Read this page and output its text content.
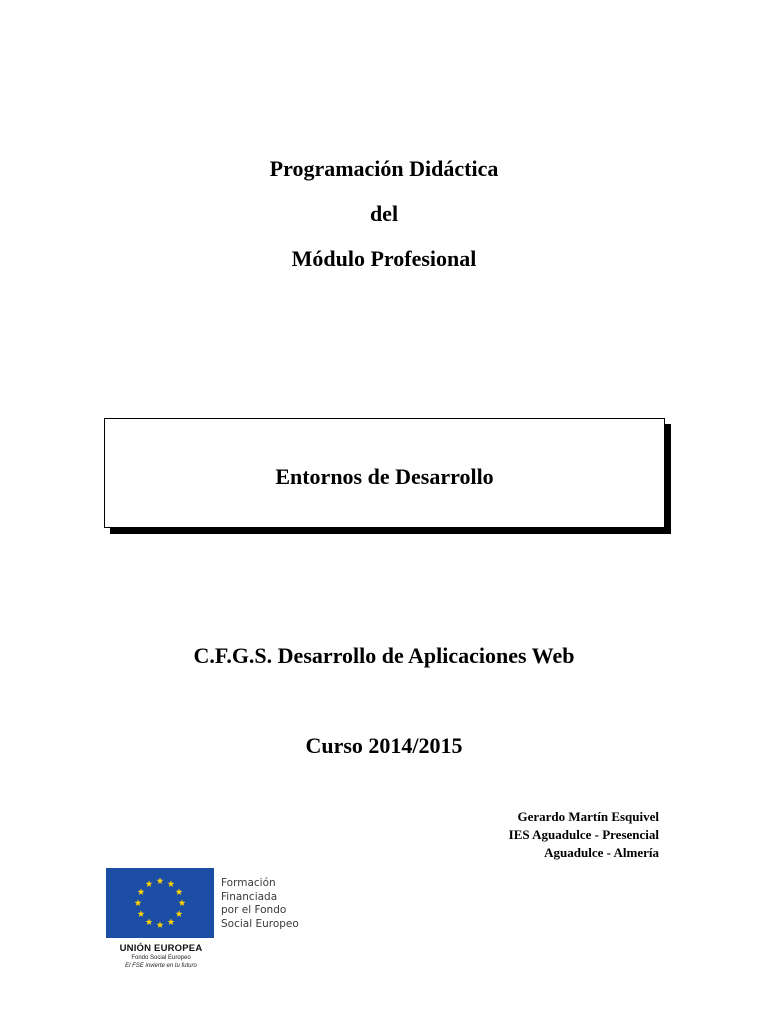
Programación Didáctica
del
Módulo Profesional
Entornos de Desarrollo
C.F.G.S. Desarrollo de Aplicaciones Web
Curso 2014/2015
Gerardo Martín Esquivel
IES Aguadulce - Presencial
Aguadulce - Almería
UNIÓN EUROPEA
Fondo Social Europeo
El FSE invierte en tu futuro
Formación
Financiada
por el Fondo
Social Europeo
